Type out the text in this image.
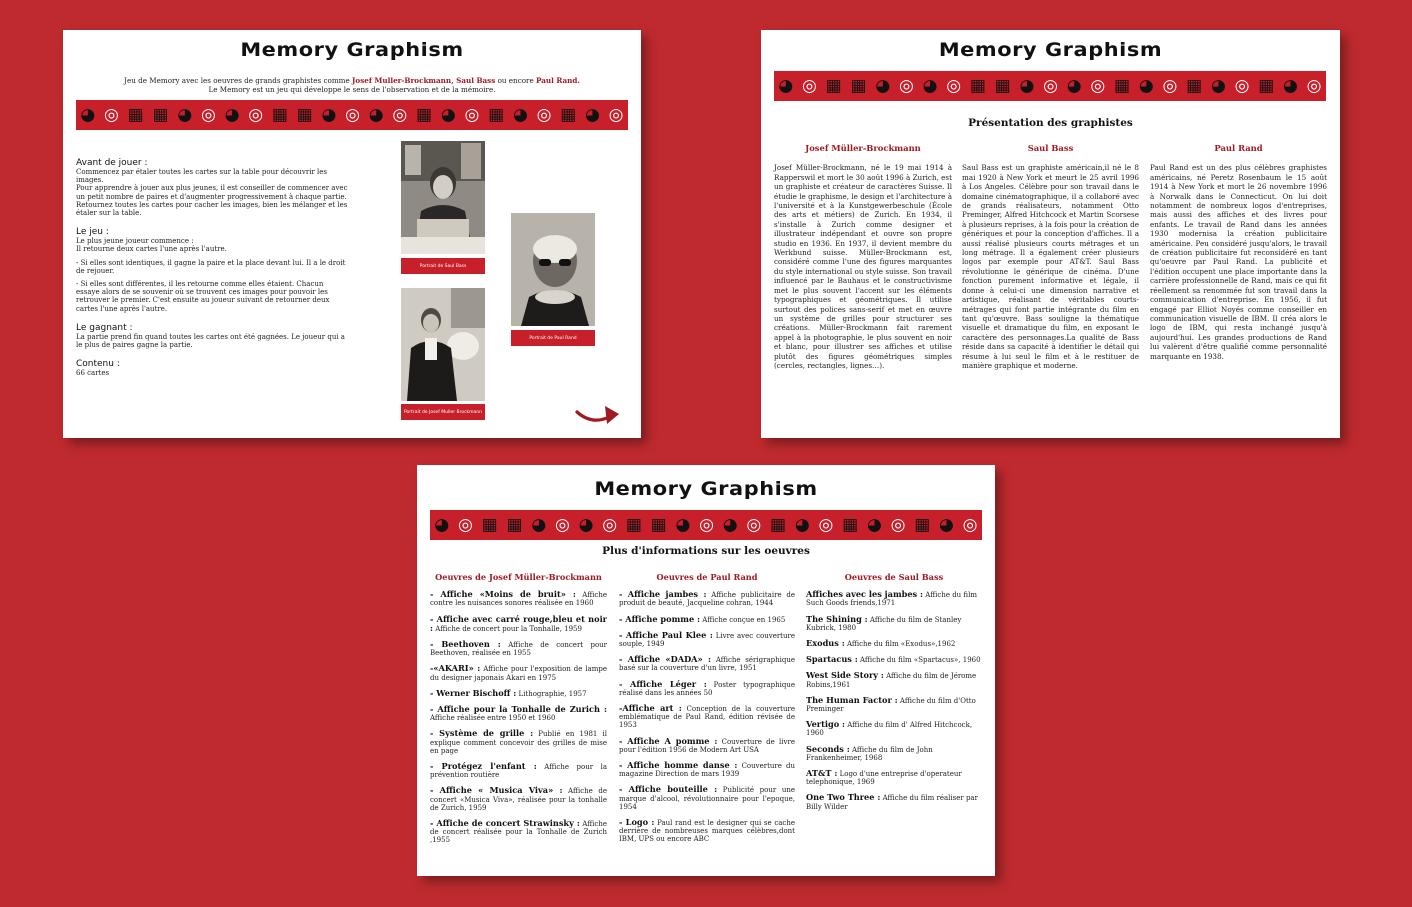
Memory Graphism
Jeu de Memory avec les oeuvres de grands graphistes comme Josef Muller-Brockmann, Saul Bass ou encore Paul Rand.
Le Memory est un jeu qui développe le sens de l'observation et de la mémoire.
◕ ◎ ▦ ▦ ◕ ◎ ◕ ◎ ▦ ▦ ◕ ◎ ◕ ◎ ▦ ◕ ◎ ▦ ◕ ◎ ▦ ◕ ◎
Avant de jouer :

Commencez par étaler toutes les cartes sur la table pour découvrir les images.

Pour apprendre à jouer aux plus jeunes, il est conseiller de commencer avec un petit nombre de paires et d'augmenter progressivement à chaque partie. Retournez toutes les cartes pour cacher les images, bien les mélanger et les étaler sur la table.

Le jeu :

Le plus jeune joueur commence :
Il retourne deux cartes l'une après l'autre.

- Si elles sont identiques, il gagne la paire et la place devant lui. Il a le droit de rejouer.

- Si elles sont différentes, il les retourne comme elles étaient. Chacun essaye alors de se souvenir où se trouvent ces images pour pouvoir les retrouver le premier. C'est ensuite au joueur suivant de retourner deux cartes l'une après l'autre.

Le gagnant :

La partie prend fin quand toutes les cartes ont été gagnées. Le joueur qui a le plus de paires gagne la partie.

Contenu :

66 cartes

Portrait de Saul Bass
Portrait de Paul Rand
Portrait de Josef Muller Brockmann
Memory Graphism
◕ ◎ ▦ ▦ ◕ ◎ ◕ ◎ ▦ ▦ ◕ ◎ ◕ ◎ ▦ ◕ ◎ ▦ ◕ ◎ ▦ ◕ ◎
Présentation des graphistes
Josef Müller-Brockmann
Josef Müller-Brockmann, né le 19 mai 1914 à Rapperswil et mort le 30 août 1996 à Zurich, est un graphiste et créateur de caractères Suisse. Il étudie le graphisme, le design et l'architecture à l'université et à la Kunstgewerbeschule (École des arts et métiers) de Zurich. En 1934, il s'installe à Zurich comme designer et illustrateur indépendant et ouvre son propre studio en 1936. En 1937, il devient membre du Werkbund suisse. Müller-Brockmann est, considéré comme l'une des figures marquantes du style international ou style suisse. Son travail influencé par le Bauhaus et le constructivisme met le plus souvent l'accent sur les éléments typographiques et géométriques. Il utilise surtout des polices sans-serif et met en œuvre un système de grilles pour structurer ses créations. Müller-Brockmann fait rarement appel à la photographie, le plus souvent en noir et blanc, pour illustrer ses affiches et utilise plutôt des figures géométriques simples (cercles, rectangles, lignes…).
Saul Bass
Saul Bass est un graphiste américain,il né le 8 mai 1920 à New York et meurt le 25 avril 1996 à Los Angeles. Célèbre pour son travail dans le domaine cinématographique, il a collaboré avec de grands réalisateurs, notamment Otto Preminger, Alfred Hitchcock et Martin Scorsese à plusieurs reprises, à la fois pour la création de génériques et pour la conception d'affiches. Il a aussi réalisé plusieurs courts métrages et un long métrage. Il a également créer plusieurs logos par exemple pour AT&T. Saul Bass révolutionne le générique de cinéma. D'une fonction purement informative et légale, il donne à celui-ci une dimension narrative et artistique, réalisant de véritables courts-métrages qui font partie intégrante du film en tant qu'œuvre. Bass souligne la thématique visuelle et dramatique du film, en exposant le caractère des personnages.La qualité de Bass réside dans sa capacité à identifier le détail qui résume à lui seul le film et à le restituer de manière graphique et moderne.
Paul Rand
Paul Rand est un des plus célèbres graphistes américains, né Peretz Rosenbaum le 15 août 1914 à New York et mort le 26 novembre 1996 à Norwalk dans le Connecticut. On lui doit notamment de nombreux logos d'entreprises, mais aussi des affiches et des livres pour enfants. Le travail de Rand dans les années 1930 modernisa la création publicitaire américaine. Peu considéré jusqu'alors, le travail de création publicitaire fut reconsidéré en tant qu'oeuvre par Paul Rand. La publicité et l'édition occupent une place importante dans la carrière professionnelle de Rand, mais ce qui fit réellement sa renommée fut son travail dans la communication d'entreprise. En 1956, il fut engagé par Elliot Noyés comme conseiller en communication visuelle de IBM. Il créa alors le logo de IBM, qui resta inchangé jusqu'à aujourd'hui. Les grandes productions de Rand lui valèrent d'être qualifié comme personnalité marquante en 1938.
Memory Graphism
◕ ◎ ▦ ▦ ◕ ◎ ◕ ◎ ▦ ▦ ◕ ◎ ◕ ◎ ▦ ◕ ◎ ▦ ◕ ◎ ▦ ◕ ◎
Plus d'informations sur les oeuvres
Oeuvres de Josef Müller-Brockmann
- Affiche «Moins de bruit» : Affiche contre les nuisances sonores réalisée en 1960
- Affiche avec carré rouge,bleu et noir : Affiche de concert pour la Tonhalle, 1959
- Beethoven : Affiche de concert pour Beethoven, réalisée en 1955
-«AKARI» : Affiche pour l'exposition de lampe du designer japonais Akari en 1975
- Werner Bischoff : Lithographie, 1957
- Affiche pour la Tonhalle de Zurich : Affiche réalisée entre 1950 et 1960
- Système de grille : Publié en 1981 il explique comment concevoir des grilles de mise en page
- Protégez l'enfant : Affiche pour la prévention routière
- Affiche « Musica Viva» : Affiche de concert «Musica Viva», réalisée pour la tonhalle de Zurich, 1959
- Affiche de concert Strawinsky : Affiche de concert réalisée pour la Tonhalle de Zurich ,1955
Oeuvres de Paul Rand
- Affiche jambes : Affiche publicitaire de produit de beauté, Jacqueline cohran, 1944
- Affiche pomme : Affiche conçue en 1965
- Affiche Paul Klee : Livre avec couverture souple, 1949
- Affiche «DADA» : Affiche sérigraphique basé sur la couverture d'un livre, 1951
- Affiche Léger : Poster typographique réalisé dans les années 50
-Affiche art : Conception de la couverture emblématique de Paul Rand, édition révisée de 1953
- Affiche A pomme : Couverture de livre pour l'édition 1956 de Modern Art USA
- Affiche homme danse : Couverture du magazine Direction de mars 1939
- Affiche bouteille : Publicité pour une marque d'alcool, révolutionnaire pour l'epoque, 1954
- Logo : Paul rand est le designer qui se cache derrière de nombreuses marques célèbres,dont IBM, UPS ou encore ABC
Oeuvres de Saul Bass
Affiches avec les jambes : Affiche du film Such Goods friends,1971
The Shining : Affiche du film de Stanley Kubrick, 1980
Exodus : Affiche du film «Exodus»,1962
Spartacus : Affiche du film «Spartacus», 1960
West Side Story : Affiche du film de Jérome Robins,1961
The Human Factor : Affiche du film d'Otto Preminger
Vertigo : Affiche du film d' Alfred Hitchcock, 1960
Seconds : Affiche du film de John Frankenheimer, 1968
AT&T : Logo d'une entreprise d'operateur telephonique, 1969
One Two Three : Affiche du film réaliser par Billy Wilder
